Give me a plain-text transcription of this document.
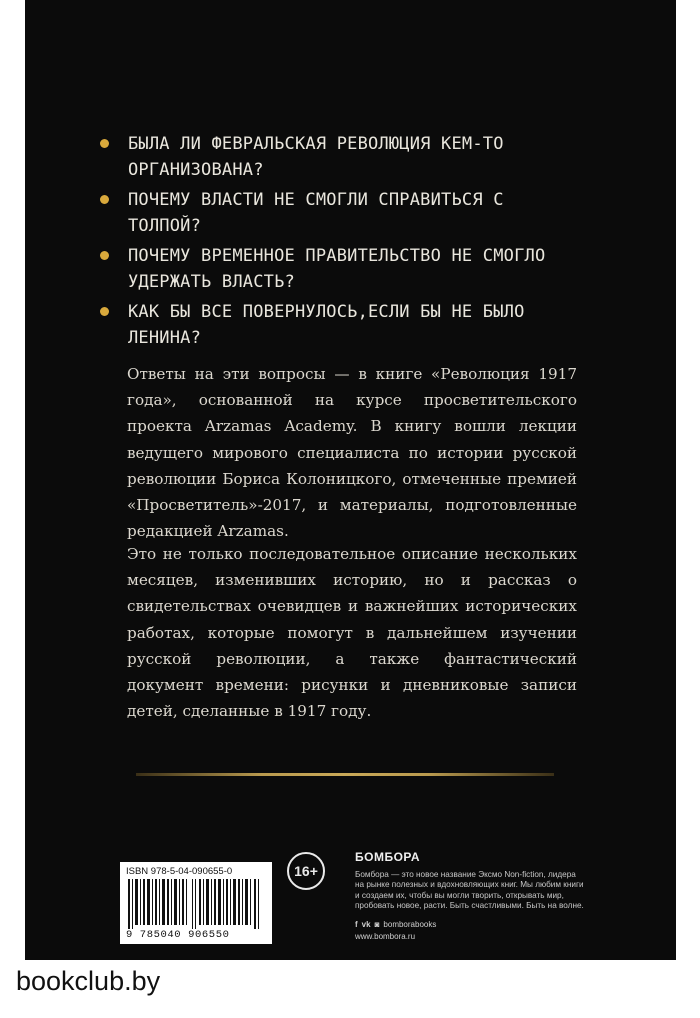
БЫЛА ЛИ ФЕВРАЛЬСКАЯ РЕВОЛЮЦИЯ КЕМ-ТО ОРГАНИЗОВАНА?
ПОЧЕМУ ВЛАСТИ НЕ СМОГЛИ СПРАВИТЬСЯ С ТОЛПОЙ?
ПОЧЕМУ ВРЕМЕННОЕ ПРАВИТЕЛЬСТВО НЕ СМОГЛО УДЕРЖАТЬ ВЛАСТЬ?
КАК БЫ ВСЕ ПОВЕРНУЛОСЬ,ЕСЛИ БЫ НЕ БЫЛО ЛЕНИНА?

Ответы на эти вопросы — в книге «Революция 1917 года», основанной на курсе просветительского проекта Arzamas Academy. В книгу вошли лекции ведущего мирового специалиста по истории русской революции Бориса Колоницкого, отмеченные премией «Просветитель»-2017, и материалы, подготовленные редакцией Arzamas.

Это не только последовательное описание нескольких месяцев, изменивших историю, но и рассказ о свидетельствах очевидцев и важнейших исторических работах, которые помогут в дальнейшем изучении русской революции, а также фантастический документ времени: рисунки и дневниковые записи детей, сделанные в 1917 году.

ISBN 978-5-04-090655-0
9 785040 906550
16+
БОМБОРА
Бомбора — это новое название Эксмо Non-fiction, лидера на рынке полезных и вдохновляющих книг. Мы любим книги и создаем их, чтобы вы могли творить, открывать мир, пробовать новое, расти. Быть счастливыми. Быть на волне.
f vk ◙ bomborabooks
www.bombora.ru
bookclub.by
